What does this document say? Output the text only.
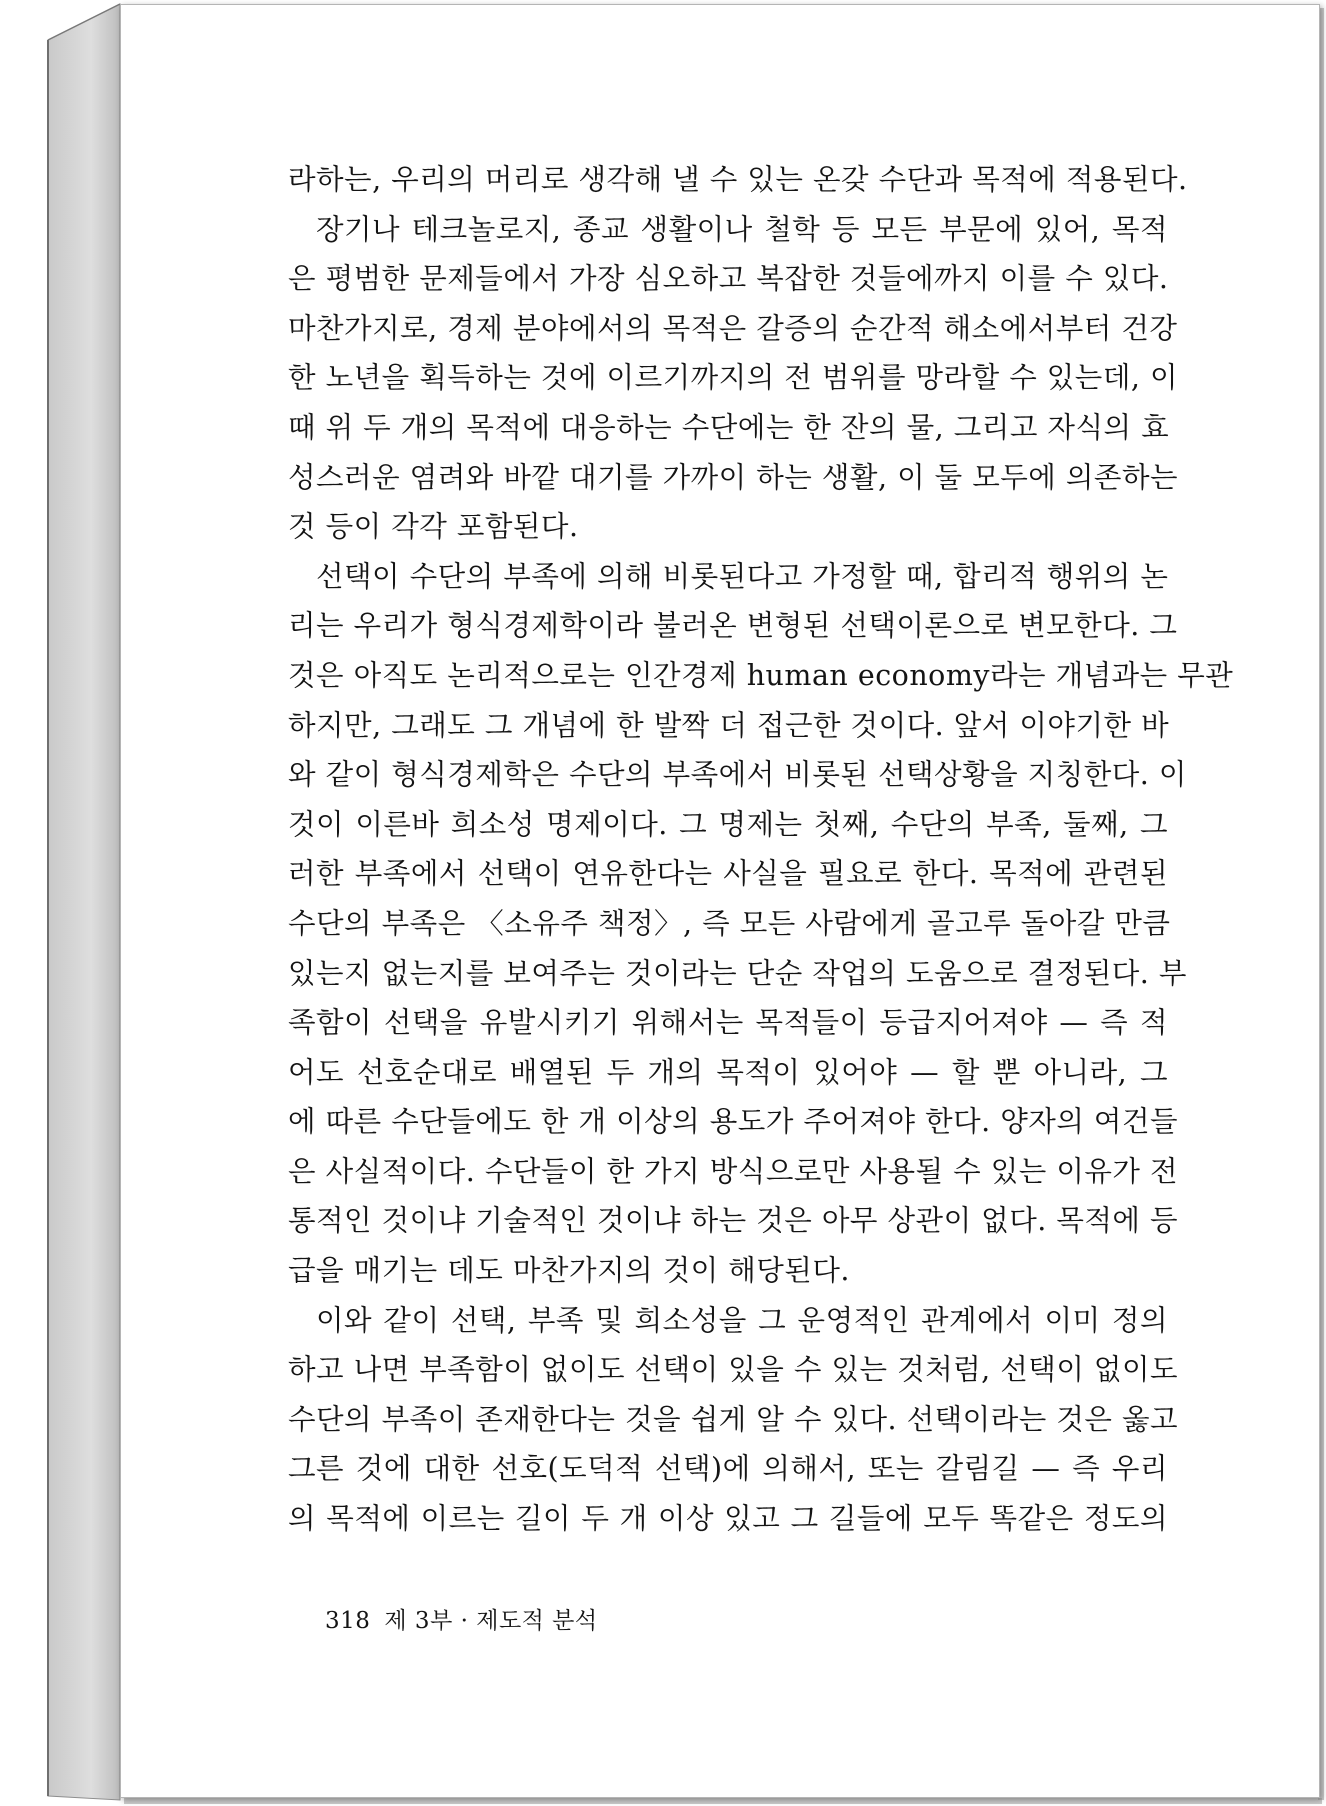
라하는, 우리의 머리로 생각해 낼 수 있는 온갖 수단과 목적에 적용된다.
장기나 테크놀로지, 종교 생활이나 철학 등 모든 부문에 있어, 목적
은 평범한 문제들에서 가장 심오하고 복잡한 것들에까지 이를 수 있다.
마찬가지로, 경제 분야에서의 목적은 갈증의 순간적 해소에서부터 건강
한 노년을 획득하는 것에 이르기까지의 전 범위를 망라할 수 있는데, 이
때 위 두 개의 목적에 대응하는 수단에는 한 잔의 물, 그리고 자식의 효
성스러운 염려와 바깥 대기를 가까이 하는 생활, 이 둘 모두에 의존하는
것 등이 각각 포함된다.
선택이 수단의 부족에 의해 비롯된다고 가정할 때, 합리적 행위의 논
리는 우리가 형식경제학이라 불러온 변형된 선택이론으로 변모한다. 그
것은 아직도 논리적으로는 인간경제 human economy라는 개념과는 무관
하지만, 그래도 그 개념에 한 발짝 더 접근한 것이다. 앞서 이야기한 바
와 같이 형식경제학은 수단의 부족에서 비롯된 선택상황을 지칭한다. 이
것이 이른바 희소성 명제이다. 그 명제는 첫째, 수단의 부족, 둘째, 그
러한 부족에서 선택이 연유한다는 사실을 필요로 한다. 목적에 관련된
수단의 부족은 〈소유주 책정〉, 즉 모든 사람에게 골고루 돌아갈 만큼
있는지 없는지를 보여주는 것이라는 단순 작업의 도움으로 결정된다. 부
족함이 선택을 유발시키기 위해서는 목적들이 등급지어져야 — 즉 적
어도 선호순대로 배열된 두 개의 목적이 있어야 — 할 뿐 아니라, 그
에 따른 수단들에도 한 개 이상의 용도가 주어져야 한다. 양자의 여건들
은 사실적이다. 수단들이 한 가지 방식으로만 사용될 수 있는 이유가 전
통적인 것이냐 기술적인 것이냐 하는 것은 아무 상관이 없다. 목적에 등
급을 매기는 데도 마찬가지의 것이 해당된다.
이와 같이 선택, 부족 및 희소성을 그 운영적인 관계에서 이미 정의
하고 나면 부족함이 없이도 선택이 있을 수 있는 것처럼, 선택이 없이도
수단의 부족이 존재한다는 것을 쉽게 알 수 있다. 선택이라는 것은 옳고
그른 것에 대한 선호(도덕적 선택)에 의해서, 또는 갈림길 — 즉 우리
의 목적에 이르는 길이 두 개 이상 있고 그 길들에 모두 똑같은 정도의
318 제 3부 · 제도적 분석
